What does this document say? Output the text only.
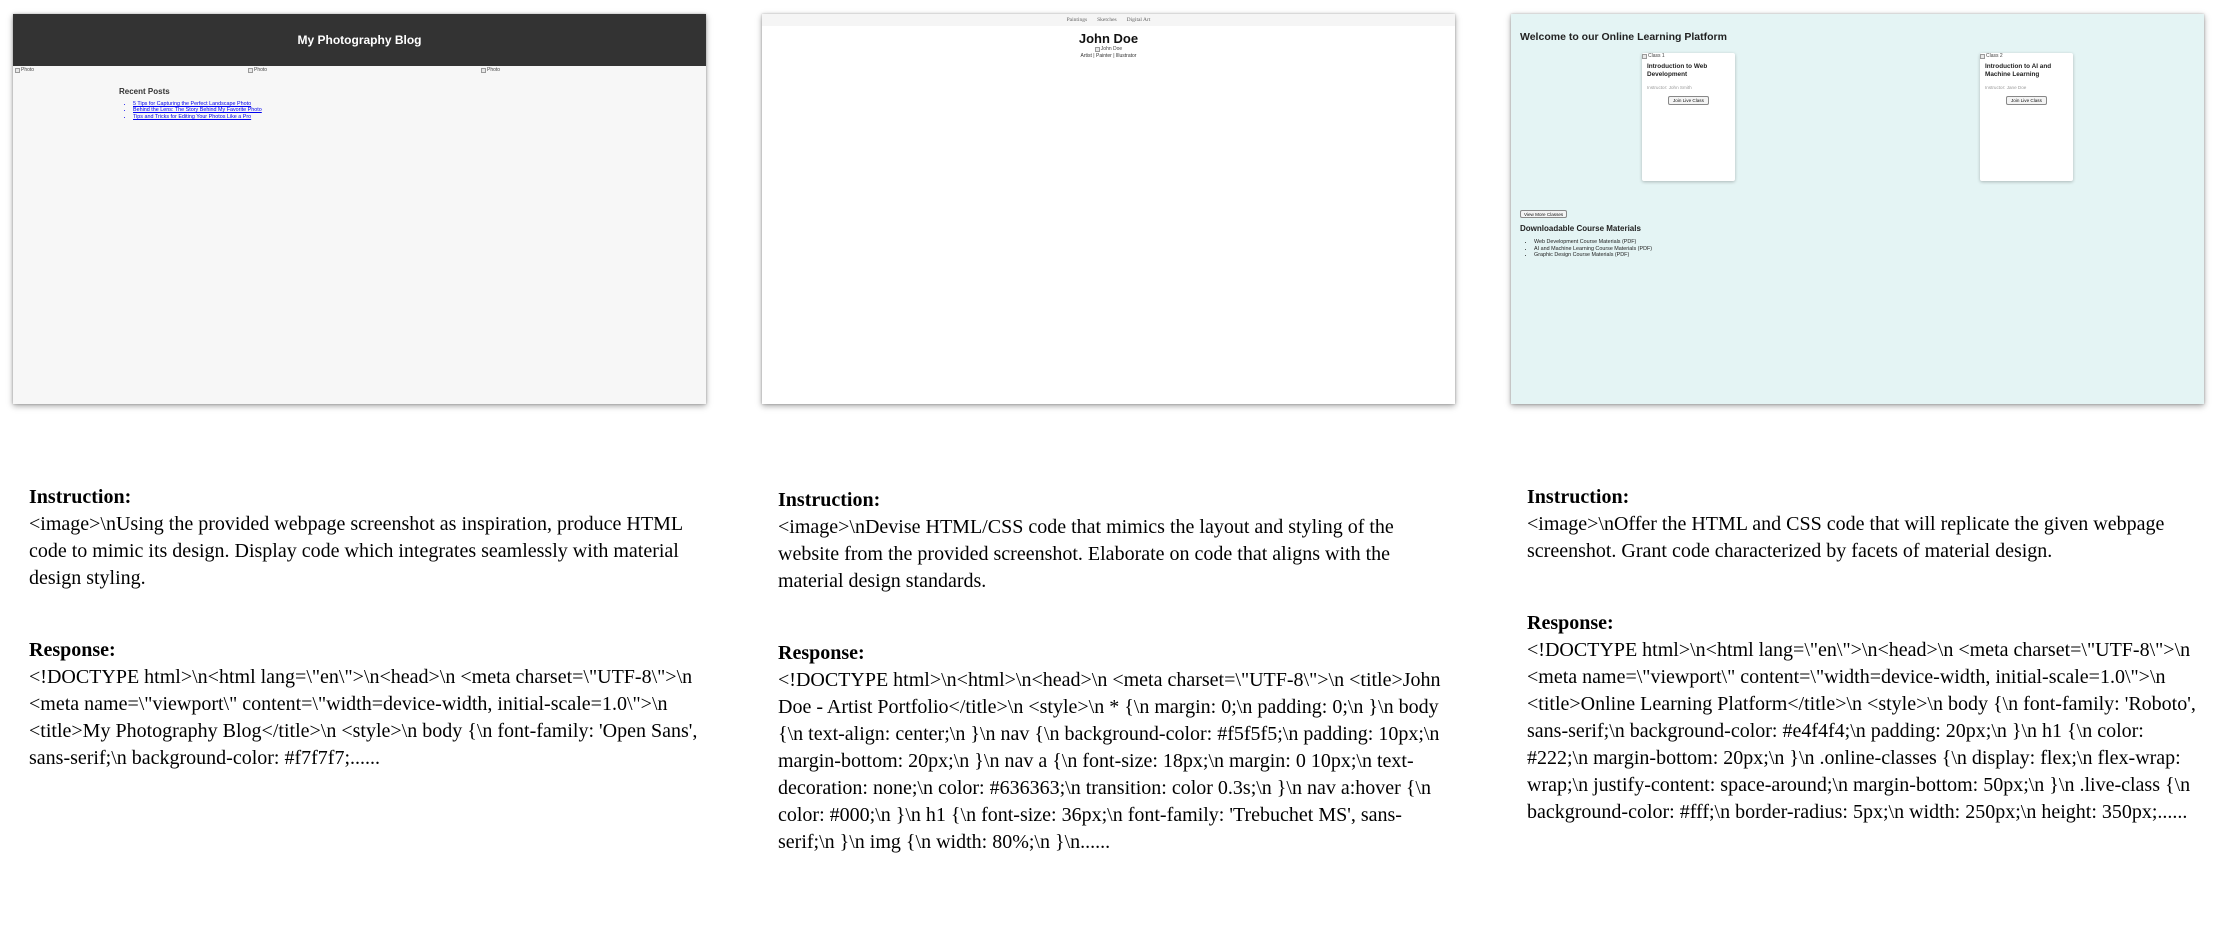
My Photography Blog
Photo	Photo	Photo
Recent Posts
• 5 Tips for Capturing the Perfect Landscape Photo
• Behind the Lens: The Story Behind My Favorite Photo
• Tips and Tricks for Editing Your Photos Like a Pro
Paintings Sketches Digital Art
John Doe
John Doe
Artist | Painter | Illustrator
Welcome to our Online Learning Platform
Class 1
Introduction to Web Development
Instructor: John Smith
Join Live Class
Class 2
Introduction to AI and Machine Learning
Instructor: Jane Doe
Join Live Class
View More Classes
Downloadable Course Materials
• Web Development Course Materials (PDF)
• AI and Machine Learning Course Materials (PDF)
• Graphic Design Course Materials (PDF)
Instruction:
<image>\nUsing the provided webpage screenshot as inspiration, produce HTML code to mimic its design. Display code which integrates seamlessly with material design styling.
Response:
<!DOCTYPE html>\n<html lang=\"en\">\n<head>\n <meta charset=\"UTF-8\">\n <meta name=\"viewport\" content=\"width=device-width, initial-scale=1.0\">\n <title>My Photography Blog</title>\n <style>\n body {\n font-family: 'Open Sans', sans-serif;\n background-color: #f7f7f7;......
Instruction:
<image>\nDevise HTML/CSS code that mimics the layout and styling of the website from the provided screenshot. Elaborate on code that aligns with the material design standards.
Response:
<!DOCTYPE html>\n<html>\n<head>\n <meta charset=\"UTF-8\">\n <title>John Doe - Artist Portfolio</title>\n <style>\n * {\n margin: 0;\n padding: 0;\n }\n body {\n text-align: center;\n }\n nav {\n background-color: #f5f5f5;\n padding: 10px;\n margin-bottom: 20px;\n }\n nav a {\n font-size: 18px;\n margin: 0 10px;\n text-decoration: none;\n color: #636363;\n transition: color 0.3s;\n }\n nav a:hover {\n color: #000;\n }\n h1 {\n font-size: 36px;\n font-family: 'Trebuchet MS', sans-serif;\n }\n img {\n width: 80%;\n }\n......
Instruction:
<image>\nOffer the HTML and CSS code that will replicate the given webpage screenshot. Grant code characterized by facets of material design.
Response:
<!DOCTYPE html>\n<html lang=\"en\">\n<head>\n <meta charset=\"UTF-8\">\n <meta name=\"viewport\" content=\"width=device-width, initial-scale=1.0\">\n <title>Online Learning Platform</title>\n <style>\n body {\n font-family: 'Roboto', sans-serif;\n background-color: #e4f4f4;\n padding: 20px;\n }\n h1 {\n color: #222;\n margin-bottom: 20px;\n }\n .online-classes {\n display: flex;\n flex-wrap: wrap;\n justify-content: space-around;\n margin-bottom: 50px;\n }\n .live-class {\n background-color: #fff;\n border-radius: 5px;\n width: 250px;\n height: 350px;......
